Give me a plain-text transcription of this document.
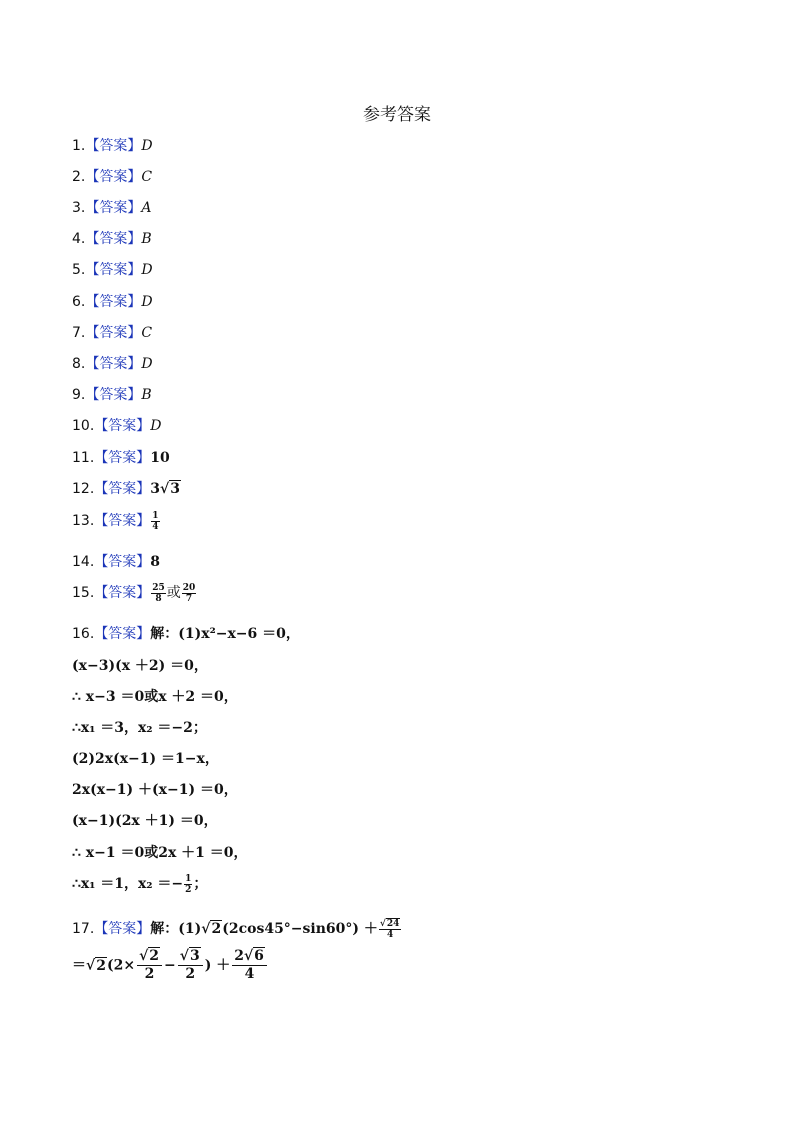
参考答案
1.【答案】D
2.【答案】C
3.【答案】A
4.【答案】B
5.【答案】D
6.【答案】D
7.【答案】C
8.【答案】D
9.【答案】B
10.【答案】D
11.【答案】10
12.【答案】3√3
13.【答案】 $\frac{1}{4}$
14.【答案】8
15.【答案】 $\frac{25}{8}$ 或 $\frac{20}{7}$
16.【答案】解：(1)x²−x−6 ＝0，
(x−3)(x ＋2) ＝0，
∴ x−3 ＝0或x ＋2 ＝0，
∴x₁ ＝3，x₂ ＝−2；
(2)2x(x−1) ＝1−x，
2x(x−1) ＋(x−1) ＝0，
(x−1)(2x ＋1) ＝0，
∴ x−1 ＝0或2x ＋1 ＝0，
∴x₁ ＝1，$x_2 =- \frac{1}{2}$ ；
17.【答案】解：$(1)√2(2\cos 45^\circ-\sin 60^\circ) + \frac{√24}{4}$
$=√2(2\times \frac{√2}{2} - \frac{√3}{2}$ ) ＋ $\frac{2√6}{4}$
